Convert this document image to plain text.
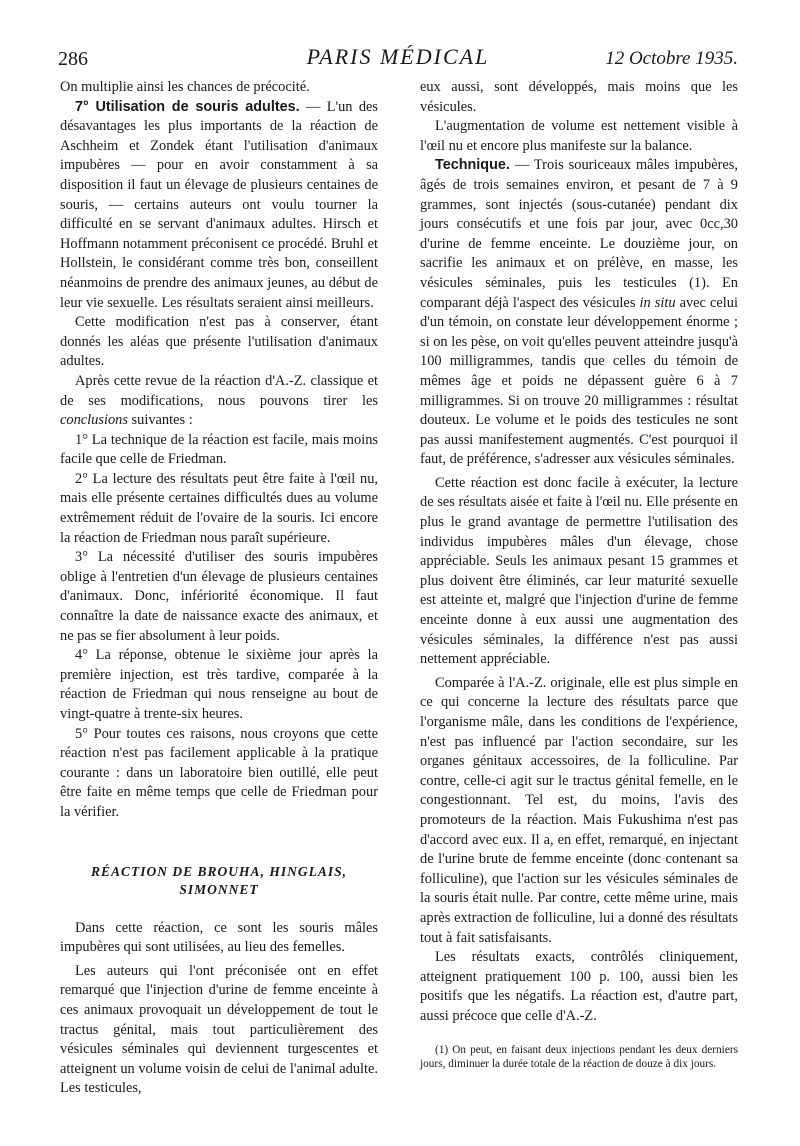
286	PARIS MÉDICAL	12 Octobre 1935.

On multiplie ainsi les chances de précocité.

7° Utilisation de souris adultes. — L'un des désavantages les plus importants de la réaction de Aschheim et Zondek étant l'utilisation d'animaux impubères — pour en avoir constamment à sa disposition il faut un élevage de plusieurs centaines de souris, — certains auteurs ont voulu tourner la difficulté en se servant d'animaux adultes. Hirsch et Hoffmann notamment préconisent ce procédé. Bruhl et Hollstein, le considérant comme très bon, conseillent néanmoins de prendre des animaux jeunes, au début de leur vie sexuelle. Les résultats seraient ainsi meilleurs.

Cette modification n'est pas à conserver, étant donnés les aléas que présente l'utilisation d'animaux adultes.

Après cette revue de la réaction d'A.-Z. classique et de ses modifications, nous pouvons tirer les conclusions suivantes :

1° La technique de la réaction est facile, mais moins facile que celle de Friedman.

2° La lecture des résultats peut être faite à l'œil nu, mais elle présente certaines difficultés dues au volume extrêmement réduit de l'ovaire de la souris. Ici encore la réaction de Friedman nous paraît supérieure.

3° La nécessité d'utiliser des souris impubères oblige à l'entretien d'un élevage de plusieurs centaines d'animaux. Donc, infériorité économique. Il faut connaître la date de naissance exacte des animaux, et ne pas se fier absolument à leur poids.

4° La réponse, obtenue le sixième jour après la première injection, est très tardive, comparée à la réaction de Friedman qui nous renseigne au bout de vingt-quatre à trente-six heures.

5° Pour toutes ces raisons, nous croyons que cette réaction n'est pas facilement applicable à la pratique courante : dans un laboratoire bien outillé, elle peut être faite en même temps que celle de Friedman pour la vérifier.

RÉACTION DE BROUHA, HINGLAIS, SIMONNET

Dans cette réaction, ce sont les souris mâles impubères qui sont utilisées, au lieu des femelles.

Les auteurs qui l'ont préconisée ont en effet remarqué que l'injection d'urine de femme enceinte à ces animaux provoquait un développement de tout le tractus génital, mais tout particulièrement des vésicules séminales qui deviennent turgescentes et atteignent un volume voisin de celui de l'animal adulte. Les testicules,

eux aussi, sont développés, mais moins que les vésicules.

L'augmentation de volume est nettement visible à l'œil nu et encore plus manifeste sur la balance.

Technique. — Trois souriceaux mâles impubères, âgés de trois semaines environ, et pesant de 7 à 9 grammes, sont injectés (sous-cutanée) pendant dix jours consécutifs et une fois par jour, avec 0cc,30 d'urine de femme enceinte. Le douzième jour, on sacrifie les animaux et on prélève, en masse, les vésicules séminales, puis les testicules (1). En comparant déjà l'aspect des vésicules in situ avec celui d'un témoin, on constate leur développement énorme ; si on les pèse, on voit qu'elles peuvent atteindre jusqu'à 100 milligrammes, tandis que celles du témoin de mêmes âge et poids ne dépassent guère 6 à 7 milligrammes. Si on trouve 20 milligrammes : résultat douteux. Le volume et le poids des testicules ne sont pas aussi manifestement augmentés. C'est pourquoi il faut, de préférence, s'adresser aux vésicules séminales.

Cette réaction est donc facile à exécuter, la lecture de ses résultats aisée et faite à l'œil nu. Elle présente en plus le grand avantage de permettre l'utilisation des individus impubères mâles d'un élevage, chose appréciable. Seuls les animaux pesant 15 grammes et plus doivent être éliminés, car leur maturité sexuelle est atteinte et, malgré que l'injection d'urine de femme enceinte donne à eux aussi une augmentation des vésicules séminales, la différence n'est pas aussi nettement appréciable.

Comparée à l'A.-Z. originale, elle est plus simple en ce qui concerne la lecture des résultats parce que l'organisme mâle, dans les conditions de l'expérience, n'est pas influencé par l'action secondaire, sur les organes génitaux accessoires, de la folliculine. Par contre, celle-ci agit sur le tractus génital femelle, en le congestionnant. Tel est, du moins, l'avis des promoteurs de la réaction. Mais Fukushima n'est pas d'accord avec eux. Il a, en effet, remarqué, en injectant de l'urine brute de femme enceinte (donc contenant sa folliculine), que l'action sur les vésicules séminales de la souris était nulle. Par contre, cette même urine, mais après extraction de folliculine, lui a donné des résultats tout à fait satisfaisants.

Les résultats exacts, contrôlés cliniquement, atteignent pratiquement 100 p. 100, aussi bien les positifs que les négatifs. La réaction est, d'autre part, aussi précoce que celle d'A.-Z.

(1) On peut, en faisant deux injections pendant les deux derniers jours, diminuer la durée totale de la réaction de douze à dix jours.
